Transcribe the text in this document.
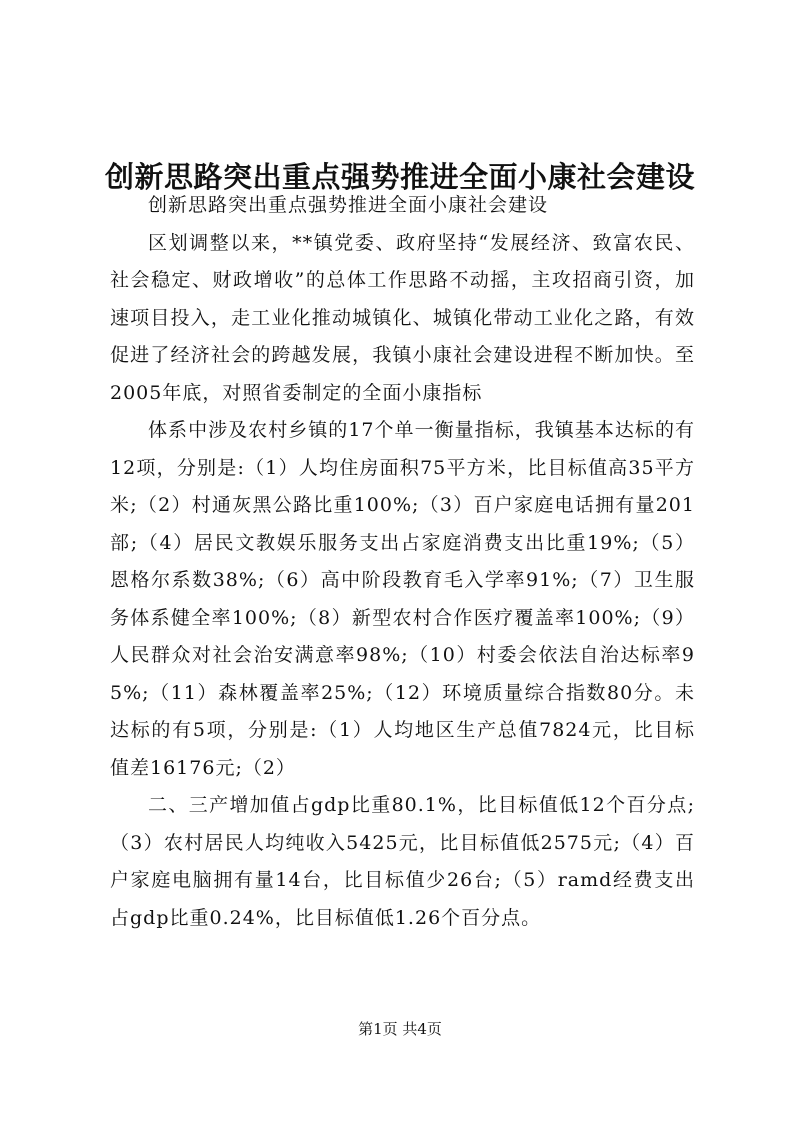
创新思路突出重点强势推进全面小康社会建设

创新思路突出重点强势推进全面小康社会建设

区划调整以来，**镇党委、政府坚持“发展经济、致富农民、社会稳定、财政增收”的总体工作思路不动摇，主攻招商引资，加速项目投入，走工业化推动城镇化、城镇化带动工业化之路，有效促进了经济社会的跨越发展，我镇小康社会建设进程不断加快。至2005年底，对照省委制定的全面小康指标

体系中涉及农村乡镇的17个单一衡量指标，我镇基本达标的有12项，分别是:（1）人均住房面积75平方米，比目标值高35平方米;（2）村通灰黑公路比重100%;（3）百户家庭电话拥有量201部;（4）居民文教娱乐服务支出占家庭消费支出比重19%;（5）恩格尔系数38%;（6）高中阶段教育毛入学率91%;（7）卫生服务体系健全率100%;（8）新型农村合作医疗覆盖率100%;（9）人民群众对社会治安满意率98%;（10）村委会依法自治达标率95%;（11）森林覆盖率25%;（12）环境质量综合指数80分。未达标的有5项，分别是:（1）人均地区生产总值7824元，比目标值差16176元;（2）

二、三产增加值占gdp比重80.1%，比目标值低12个百分点;（3）农村居民人均纯收入5425元，比目标值低2575元;（4）百户家庭电脑拥有量14台，比目标值少26台;（5）ramd经费支出占gdp比重0.24%，比目标值低1.26个百分点。

第1页 共4页
